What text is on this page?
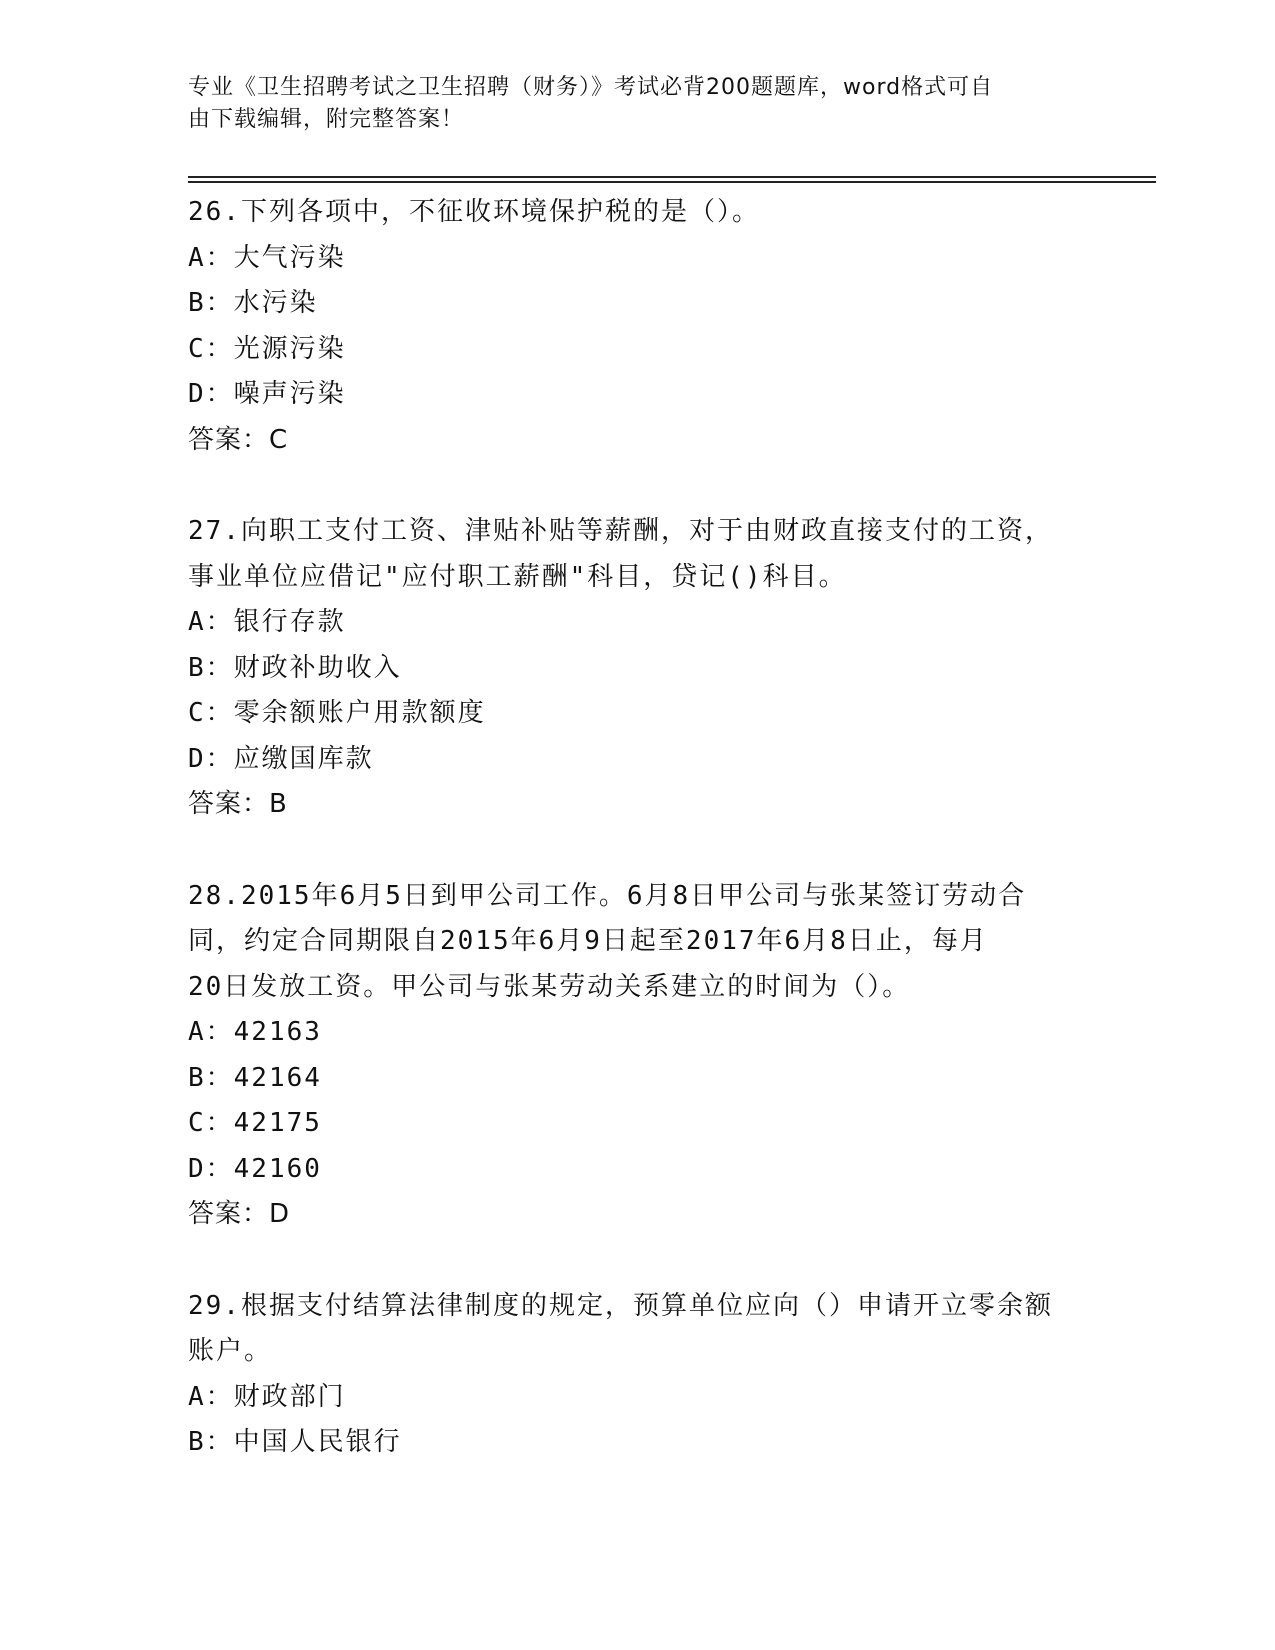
专业《卫生招聘考试之卫生招聘（财务）》考试必背200题题库，word格式可自
由下载编辑，附完整答案！
26.下列各项中，不征收环境保护税的是（）。
A：大气污染
B：水污染
C：光源污染
D：噪声污染
答案：C
27.向职工支付工资、津贴补贴等薪酬，对于由财政直接支付的工资，
事业单位应借记"应付职工薪酬"科目，贷记()科目。
A：银行存款
B：财政补助收入
C：零余额账户用款额度
D：应缴国库款
答案：B
28.2015年6月5日到甲公司工作。6月8日甲公司与张某签订劳动合
同，约定合同期限自2015年6月9日起至2017年6月8日止，每月
20日发放工资。甲公司与张某劳动关系建立的时间为（）。
A：42163
B：42164
C：42175
D：42160
答案：D
29.根据支付结算法律制度的规定，预算单位应向（）申请开立零余额
账户。
A：财政部门
B：中国人民银行
